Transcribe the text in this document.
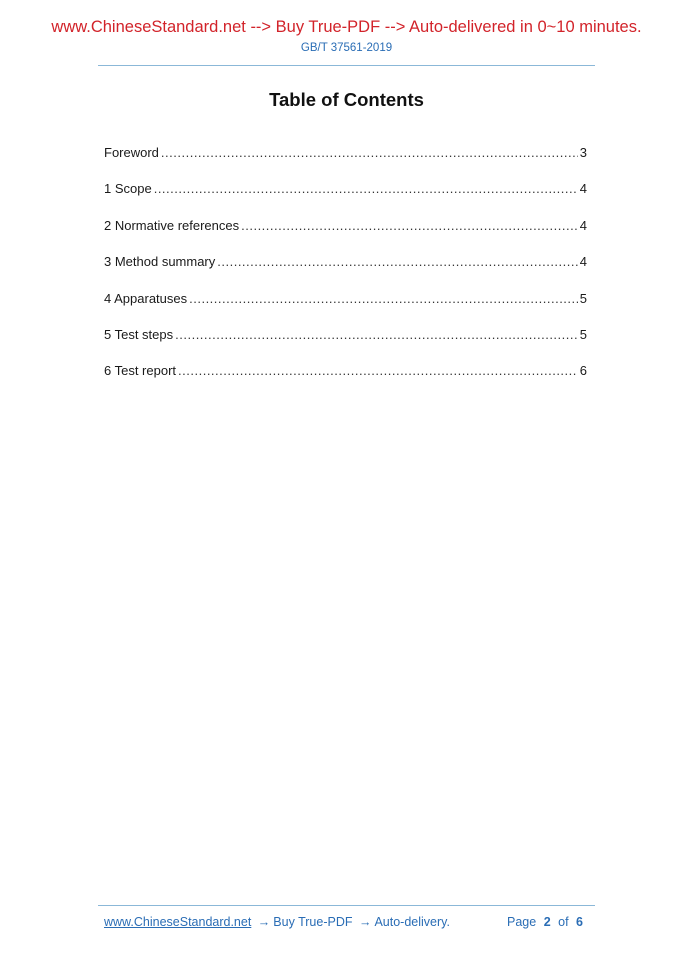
www.ChineseStandard.net --> Buy True-PDF --> Auto-delivered in 0~10 minutes.
GB/T 37561-2019
Table of Contents
Foreword .....	3
1 Scope .....	4
2 Normative references .....	4
3 Method summary .....	4
4 Apparatuses .....	5
5 Test steps .....	5
6 Test report .....	6
www.ChineseStandard.net → Buy True-PDF → Auto-delivery.	Page 2 of 6
